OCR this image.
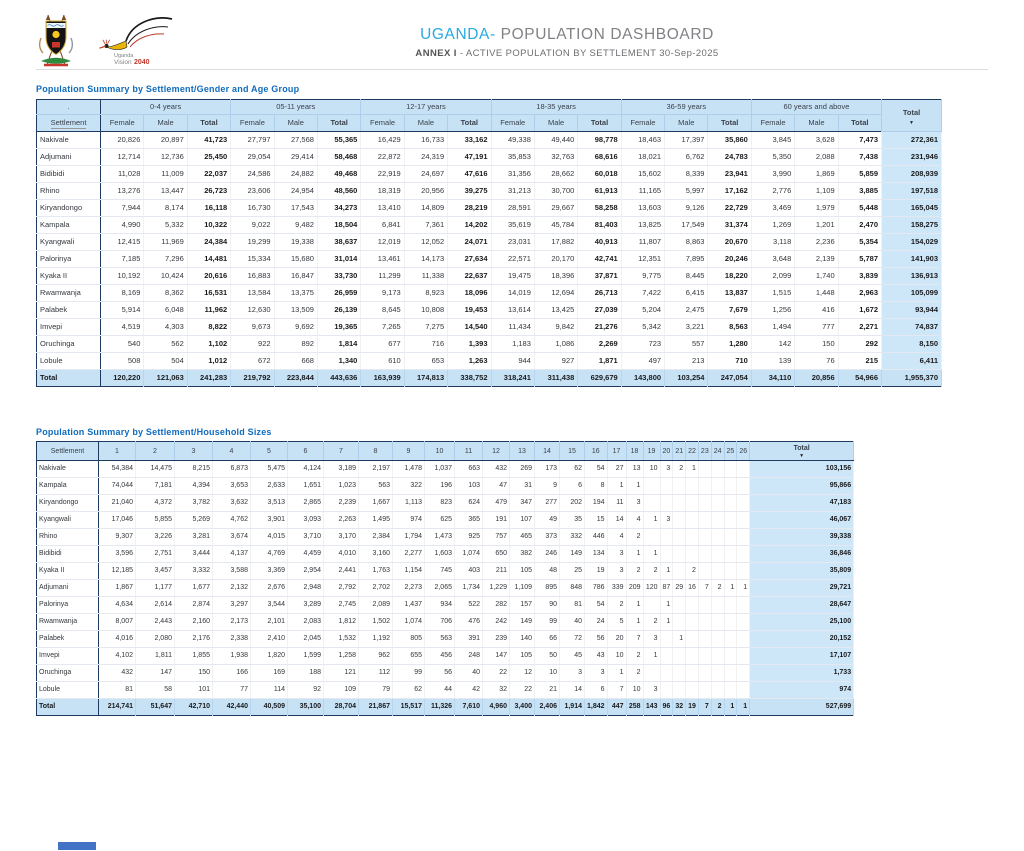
Uganda
Vision 2040
UGANDA- POPULATION DASHBOARD
ANNEX I - ACTIVE POPULATION BY SETTLEMENT 30-Sep-2025
Population Summary by Settlement/Gender and Age Group
.	0-4 years			05-11 years			12-17 years			18-35 years			36-59 years			60 years and above			Total
▼

Settlement	Female	Male	Total	Female	Male	Total	Female	Male	Total	Female	Male	Total	Female	Male	Total	Female	Male	Total	
Nakivale	20,826	20,897	41,723	27,797	27,568	55,365	16,429	16,733	33,162	49,338	49,440	98,778	18,463	17,397	35,860	3,845	3,628	7,473	272,361
Adjumani	12,714	12,736	25,450	29,054	29,414	58,468	22,872	24,319	47,191	35,853	32,763	68,616	18,021	6,762	24,783	5,350	2,088	7,438	231,946
Bidibidi	11,028	11,009	22,037	24,586	24,882	49,468	22,919	24,697	47,616	31,356	28,662	60,018	15,602	8,339	23,941	3,990	1,869	5,859	208,939
Rhino	13,276	13,447	26,723	23,606	24,954	48,560	18,319	20,956	39,275	31,213	30,700	61,913	11,165	5,997	17,162	2,776	1,109	3,885	197,518
Kiryandongo	7,944	8,174	16,118	16,730	17,543	34,273	13,410	14,809	28,219	28,591	29,667	58,258	13,603	9,126	22,729	3,469	1,979	5,448	165,045
Kampala	4,990	5,332	10,322	9,022	9,482	18,504	6,841	7,361	14,202	35,619	45,784	81,403	13,825	17,549	31,374	1,269	1,201	2,470	158,275
Kyangwali	12,415	11,969	24,384	19,299	19,338	38,637	12,019	12,052	24,071	23,031	17,882	40,913	11,807	8,863	20,670	3,118	2,236	5,354	154,029
Palorinya	7,185	7,296	14,481	15,334	15,680	31,014	13,461	14,173	27,634	22,571	20,170	42,741	12,351	7,895	20,246	3,648	2,139	5,787	141,903
Kyaka II	10,192	10,424	20,616	16,883	16,847	33,730	11,299	11,338	22,637	19,475	18,396	37,871	9,775	8,445	18,220	2,099	1,740	3,839	136,913
Rwamwanja	8,169	8,362	16,531	13,584	13,375	26,959	9,173	8,923	18,096	14,019	12,694	26,713	7,422	6,415	13,837	1,515	1,448	2,963	105,099
Palabek	5,914	6,048	11,962	12,630	13,509	26,139	8,645	10,808	19,453	13,614	13,425	27,039	5,204	2,475	7,679	1,256	416	1,672	93,944
Imvepi	4,519	4,303	8,822	9,673	9,692	19,365	7,265	7,275	14,540	11,434	9,842	21,276	5,342	3,221	8,563	1,494	777	2,271	74,837
Oruchinga	540	562	1,102	922	892	1,814	677	716	1,393	1,183	1,086	2,269	723	557	1,280	142	150	292	8,150
Lobule	508	504	1,012	672	668	1,340	610	653	1,263	944	927	1,871	497	213	710	139	76	215	6,411
Total	120,220	121,063	241,283	219,792	223,844	443,636	163,939	174,813	338,752	318,241	311,438	629,679	143,800	103,254	247,054	34,110	20,856	54,966	1,955,370
Population Summary by Settlement/Household Sizes
Settlement	1	2	3	4	5	6	7	8	9	10	11	12	13	14	15	16	17	18	19	20	21	22	23	24	25	26	Total
▼

Nakivale	54,384	14,475	8,215	6,873	5,475	4,124	3,189	2,197	1,478	1,037	663	432	269	173	62	54	27	13	10	3	2	1					103,156
Kampala	74,044	7,181	4,394	3,653	2,633	1,651	1,023	563	322	196	103	47	31	9	6	8	1	1									95,866
Kiryandongo	21,040	4,372	3,782	3,632	3,513	2,865	2,239	1,667	1,113	823	624	479	347	277	202	194	11	3									47,183
Kyangwali	17,046	5,855	5,269	4,762	3,901	3,093	2,263	1,495	974	625	365	191	107	49	35	15	14	4	1	3							46,067
Rhino	9,307	3,226	3,281	3,674	4,015	3,710	3,170	2,384	1,794	1,473	925	757	465	373	332	446	4	2									39,338
Bidibidi	3,596	2,751	3,444	4,137	4,769	4,459	4,010	3,160	2,277	1,603	1,074	650	382	246	149	134	3	1	1								36,846
Kyaka II	12,185	3,457	3,332	3,588	3,369	2,954	2,441	1,763	1,154	745	403	211	105	48	25	19	3	2	2	1		2					35,809
Adjumani	1,867	1,177	1,677	2,132	2,676	2,948	2,792	2,702	2,273	2,065	1,734	1,229	1,109	895	848	786	339	209	120	87	29	16	7	2	1	1	29,721
Palorinya	4,634	2,614	2,874	3,297	3,544	3,289	2,745	2,089	1,437	934	522	282	157	90	81	54	2	1		1							28,647
Rwamwanja	8,007	2,443	2,160	2,173	2,101	2,083	1,812	1,502	1,074	706	476	242	149	99	40	24	5	1	2	1							25,100
Palabek	4,016	2,080	2,176	2,338	2,410	2,045	1,532	1,192	805	563	391	239	140	66	72	56	20	7	3		1						20,152
Imvepi	4,102	1,811	1,855	1,938	1,820	1,599	1,258	962	655	456	248	147	105	50	45	43	10	2	1								17,107
Oruchinga	432	147	150	166	169	188	121	112	99	56	40	22	12	10	3	3	1	2									1,733
Lobule	81	58	101	77	114	92	109	79	62	44	42	32	22	21	14	6	7	10	3								974
Total	214,741	51,647	42,710	42,440	40,509	35,100	28,704	21,867	15,517	11,326	7,610	4,960	3,400	2,406	1,914	1,842	447	258	143	96	32	19	7	2	1	1	527,699
